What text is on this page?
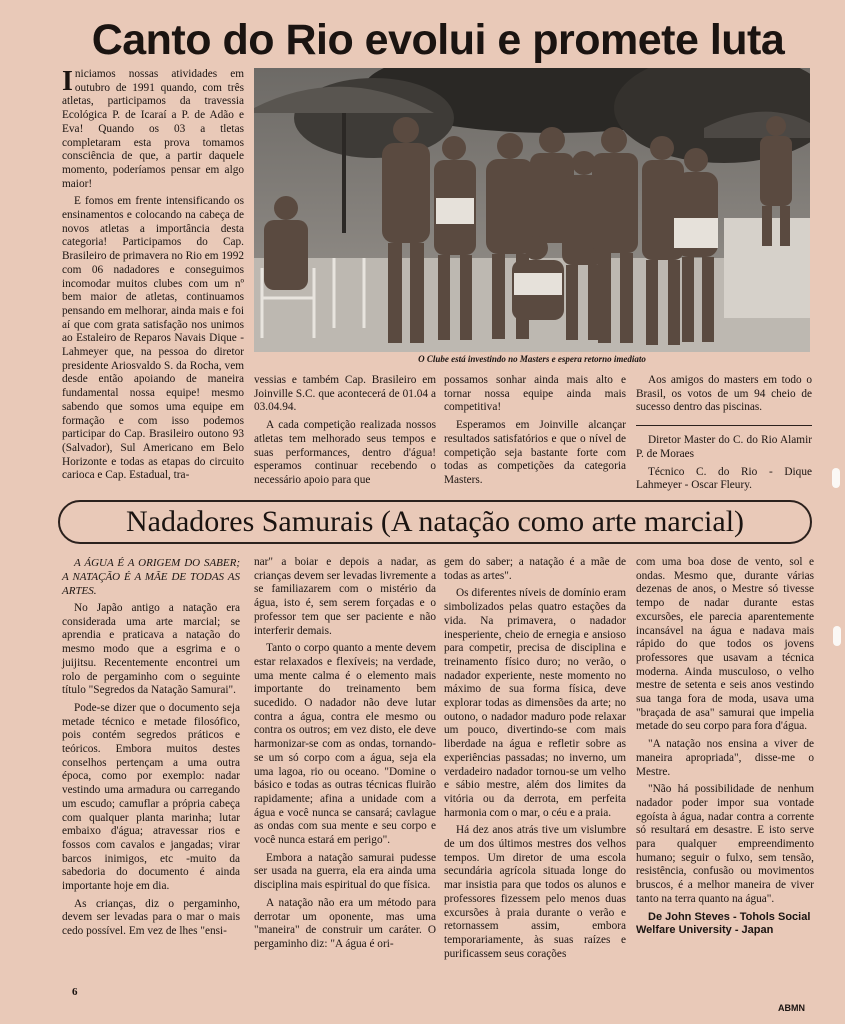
Canto do Rio evolui e promete luta

Iniciamos nossas atividades em outubro de 1991 quando, com três atletas, participamos da travessia Ecológica P. de Icaraí a P. de Adão e Eva! Quando os 03 a tletas completaram esta prova tomamos consciência de que, a partir daquele momento, poderíamos pensar em algo maior!

E fomos em frente intensificando os ensinamentos e colocando na cabeça de novos atletas a importância desta categoria! Participamos do Cap. Brasileiro de primavera no Rio em 1992 com 06 nadadores e conseguimos incomodar muitos clubes com um nº bem maior de atletas, continuamos pensando em melhorar, ainda mais e foi aí que com grata satisfação nos unimos ao Estaleiro de Reparos Navais Dique - Lahmeyer que, na pessoa do diretor presidente Ariosvaldo S. da Rocha, vem desde então apoiando de maneira fundamental nossa equipe! mesmo sabendo que somos uma equipe em formação e com isso podemos participar do Cap. Brasileiro outono 93 (Salvador), Sul Americano em Belo Horizonte e todas as etapas do circuito carioca e Cap. Estadual, tra-

O Clube está investindo no Masters e espera retorno imediato

vessias e também Cap. Brasileiro em Joinville S.C. que acontecerá de 01.04 a 03.04.94.

A cada competição realizada nossos atletas tem melhorado seus tempos e suas performances, dentro d'água! esperamos continuar recebendo o necessário apoio para que

possamos sonhar ainda mais alto e tornar nossa equipe ainda mais competitiva!

Esperamos em Joinville alcançar resultados satisfatórios e que o nível de competição seja bastante forte com todas as competições da categoria Masters.

Aos amigos do masters em todo o Brasil, os votos de um 94 cheio de sucesso dentro das piscinas.

Diretor Master do C. do Rio Alamir P. de Moraes

Técnico C. do Rio - Dique Lahmeyer - Oscar Fleury.

Nadadores Samurais (A natação como arte marcial)

A ÁGUA É A ORIGEM DO SABER; A NATAÇÃO É A MÃE DE TODAS AS ARTES.

No Japão antigo a natação era considerada uma arte marcial; se aprendia e praticava a natação do mesmo modo que a esgrima e o juijitsu. Recentemente encontrei um rolo de pergaminho com o seguinte título "Segredos da Natação Samurai".

Pode-se dizer que o documento seja metade técnico e metade filosófico, pois contém segredos práticos e teóricos. Embora muitos destes conselhos pertençam a uma outra época, como por exemplo: nadar vestindo uma armadura ou carregando um escudo; camuflar a própria cabeça com qualquer planta marinha; lutar embaixo d'água; atravessar rios e fossos com cavalos e jangadas; virar barcos inimigos, etc -muito da sabedoria do documento é ainda importante hoje em dia.

As crianças, diz o pergaminho, devem ser levadas para o mar o mais cedo possível. Em vez de lhes "ensi-

nar" a boiar e depois a nadar, as crianças devem ser levadas livremente a se familiazarem com o mistério da água, isto é, sem serem forçadas e o professor tem que ser paciente e não interferir demais.

Tanto o corpo quanto a mente devem estar relaxados e flexíveis; na verdade, uma mente calma é o elemento mais importante do treinamento bem sucedido. O nadador não deve lutar contra a água, contra ele mesmo ou contra os outros; em vez disto, ele deve harmonizar-se com as ondas, tornando-se um só corpo com a água, seja ela uma lagoa, rio ou oceano. "Domine o básico e todas as outras técnicas fluirão rapidamente; afina a unidade com a água e você nunca se cansará; cavlague as ondas com sua mente e seu corpo e você nunca estará em perigo".

Embora a natação samurai pudesse ser usada na guerra, ela era ainda uma disciplina mais espiritual do que física.

A natação não era um método para derrotar um oponente, mas uma "maneira" de construir um caráter. O pergaminho diz: "A água é ori-

gem do saber; a natação é a mãe de todas as artes".

Os diferentes níveis de domínio eram simbolizados pelas quatro estações da vida. Na primavera, o nadador inesperiente, cheio de ernegia e ansioso para competir, precisa de disciplina e treinamento físico duro; no verão, o nadador experiente, neste momento no máximo de sua forma física, deve explorar todas as dimensões da arte; no outono, o nadador maduro pode relaxar um pouco, divertindo-se com mais liberdade na água e refletir sobre as experiências passadas; no inverno, um verdadeiro nadador tornou-se um velho e sábio mestre, além dos limites da vitória ou da derrota, em perfeita harmonia com o mar, o céu e a praia.

Há dez anos atrás tive um vislumbre de um dos últimos mestres dos velhos tempos. Um diretor de uma escola secundária agrícola situada longe do mar insistia para que todos os alunos e professores fizessem pelo menos duas excursões à praia durante o verão e retornassem assim, embora temporariamente, às suas raízes e purificassem seus corações

com uma boa dose de vento, sol e ondas. Mesmo que, durante várias dezenas de anos, o Mestre só tivesse tempo de nadar durante estas excursões, ele parecia aparentemente incansável na água e nadava mais rápido do que todos os jovens professores que usavam a técnica moderna. Ainda musculoso, o velho mestre de setenta e seis anos vestindo sua tanga fora de moda, usava uma "braçada de asa" samurai que impelia metade do seu corpo para fora d'água.

"A natação nos ensina a viver de maneira apropriada", disse-me o Mestre.

"Não há possibilidade de nenhum nadador poder impor sua vontade egoísta à água, nadar contra a corrente só resultará em desastre. E isto serve para qualquer empreendimento humano; seguir o fulxo, sem tensão, resistência, confusão ou movimentos bruscos, é a melhor maneira de viver tanto na terra quanto na água".

De John Steves - Tohols Social Welfare University - Japan

6
ABMN
